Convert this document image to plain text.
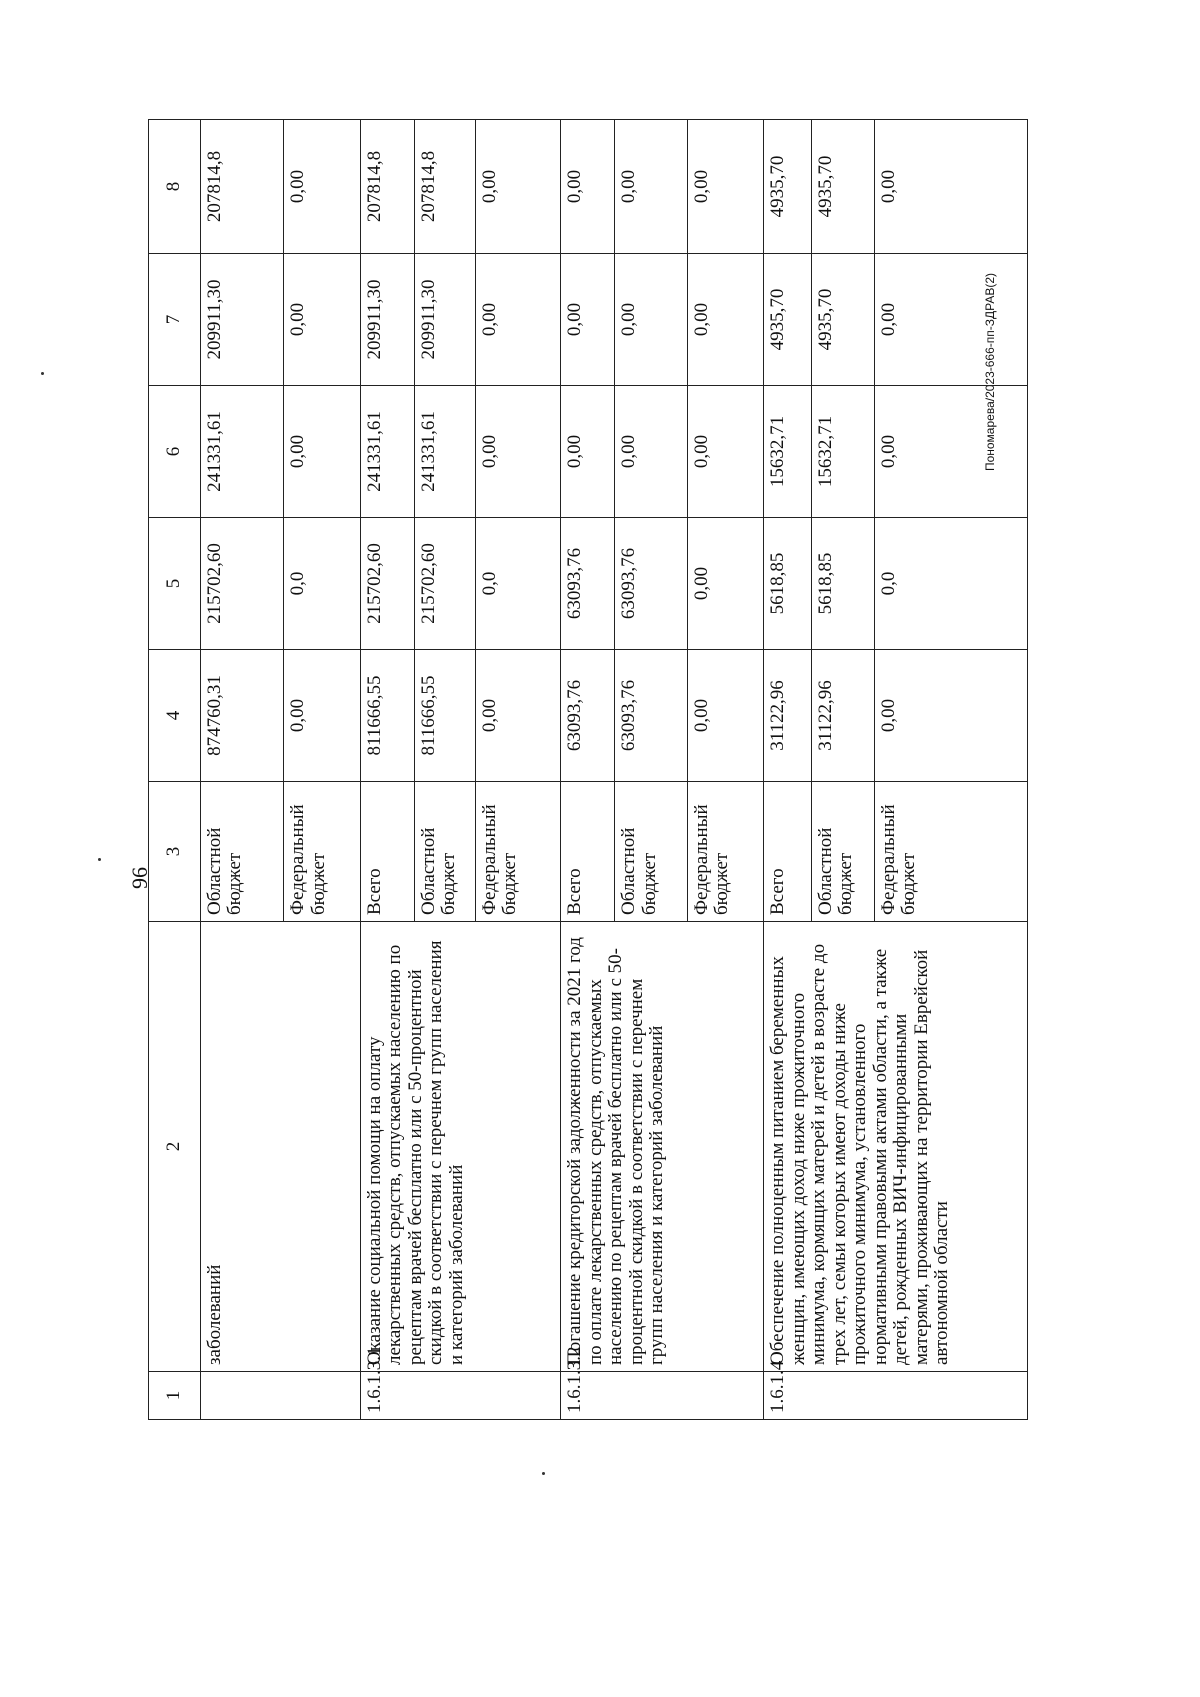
96
Пономарева/2023-666-пп-ЗДРАВ(2)
1	2	3	4	5	6	7	8
	заболеваний	Областной бюджет	874760,31	215702,60	241331,61	209911,30	207814,8
		Федеральный бюджет	0,00	0,0	0,00	0,00	0,00
1.6.1.3.1	Оказание социальной помощи на оплату лекарственных средств, отпускаемых населению по рецептам врачей бесплатно или с 50-процентной скидкой в соответствии с перечнем групп населения и категорий заболеваний	Всего	811666,55	215702,60	241331,61	209911,30	207814,8
		Областной бюджет	811666,55	215702,60	241331,61	209911,30	207814,8
		Федеральный бюджет	0,00	0,0	0,00	0,00	0,00
1.6.1.3.2	Погашение кредиторской задолженности за 2021 год по оплате лекарственных средств, отпускаемых населению по рецептам врачей бесплатно или с 50-процентной скидкой в соответствии с перечнем групп населения и категорий заболеваний	Всего	63093,76	63093,76	0,00	0,00	0,00
		Областной бюджет	63093,76	63093,76	0,00	0,00	0,00
		Федеральный бюджет	0,00	0,00	0,00	0,00	0,00
1.6.1.4	Обеспечение полноценным питанием беременных женщин, имеющих доход ниже прожиточного минимума, кормящих матерей и детей в возрасте до трех лет, семьи которых имеют доходы ниже прожиточного минимума, установленного нормативными правовыми актами области, а также детей, рожденных ВИЧ-инфицированными матерями, проживающих на территории Еврейской автономной области	Всего	31122,96	5618,85	15632,71	4935,70	4935,70
		Областной бюджет	31122,96	5618,85	15632,71	4935,70	4935,70
		Федеральный бюджет	0,00	0,0	0,00	0,00	0,00
